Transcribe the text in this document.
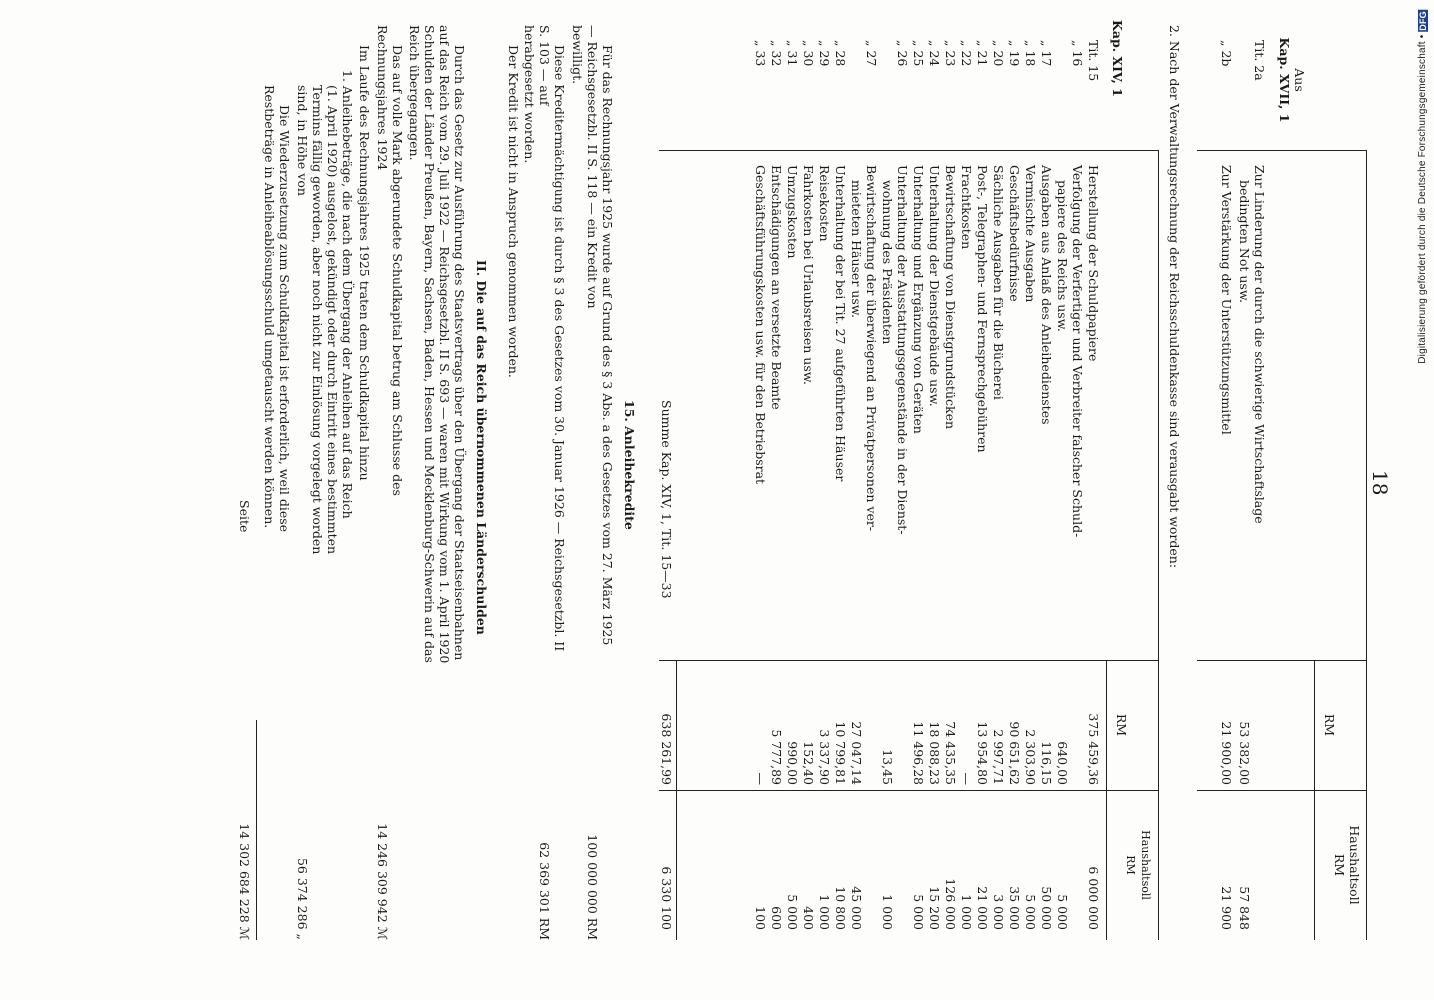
Digitalisierung gefördert durch die Deutsche Forschungsgemeinschaft • DFG
18
Aus
Kap. XVII, 1
RM
Haushaltsoll
RM
Tit. 2a
Zur Linderung der durch die schwierige Wirtschaftslage
bedingten Not usw.
53 382,00
57 848
„ 2b
Zur Verstärkung der Unterstützungsmittel
21 900,00
21 900
2. Nach der Verwaltungsrechnung der Reichsschuldenkasse sind verausgabt worden:
Kap. XIV, 1
RM
Haushaltsoll
RM
Tit. 15
Herstellung der Schuldpapiere
375 459,36
6 000 000
„ 16
Verfolgung der Verfertiger und Verbreiter falscher Schuld-
papiere des Reichs usw.
640,00
5 000
„ 17
Ausgaben aus Anlaß des Anleihedienstes
116,15
50 000
„ 18
Vermischte Ausgaben
2 303,90
5 000
„ 19
Geschäftsbedürfnisse
90 651,62
35 000
„ 20
Sächliche Ausgaben für die Bücherei
2 997,71
3 000
„ 21
Post-, Telegraphen- und Fernsprechgebühren
13 954,80
21 000
„ 22
Frachtkosten
—
1 000
„ 23
Bewirtschaftung von Dienstgrundstücken
74 435,35
126 000
„ 24
Unterhaltung der Dienstgebäude usw.
18 088,23
15 200
„ 25
Unterhaltung und Ergänzung von Geräten
11 496,28
5 000
„ 26
Unterhaltung der Ausstattungsgegenstände in der Dienst-
wohnung des Präsidenten
13,45
1 000
„ 27
Bewirtschaftung der überwiegend an Privatpersonen ver-
mieteten Häuser usw.
27 047,14
45 000
„ 28
Unterhaltung der bei Tit. 27 aufgeführten Häuser
10 799,81
10 800
„ 29
Reisekosten
3 337,90
1 000
„ 30
Fahrkosten bei Urlaubsreisen usw.
152,40
400
„ 31
Umzugskosten
990,00
5 000
„ 32
Entschädigungen an versetzte Beamte
5 777,89
600
„ 33
Geschäftsführungskosten usw. für den Betriebsrat
—
100
Summe Kap. XIV, 1, Tit. 15—33
638 261,99
6 330 100
15. Anleihekredite
Für das Rechnungsjahr 1925 wurde auf Grund des § 3 Abs. a des Gesetzes vom 27. März 1925
— Reichsgesetzbl. II S. 118 — ein Kredit von
100 000 000 RM
bewilligt.
Diese Kreditermächtigung ist durch § 3 des Gesetzes vom 30. Januar 1926 — Reichsgesetzbl. II
S. 103 — auf
62 369 301 RM
herabgesetzt worden.
Der Kredit ist nicht in Anspruch genommen worden.
II. Die auf das Reich übernommenen Länderschulden
Durch das Gesetz zur Ausführung des Staatsvertrags über den Übergang der Staatseisenbahnen
auf das Reich vom 29. Juli 1922 — Reichsgesetzbl. II S. 693 — waren mit Wirkung vom 1. April 1920
Schulden der Länder Preußen, Bayern, Sachsen, Baden, Hessen und Mecklenburg-Schwerin auf das
Reich übergegangen.
Das auf volle Mark abgerundete Schuldkapital betrug am Schlusse des
Rechnungsjahres 1924
14 246 309 942 ℳ
Im Laufe des Rechnungsjahres 1925 traten dem Schuldkapital hinzu
1. Anleihebeträge, die nach dem Übergang der Anleihen auf das Reich
(1. April 1920) ausgelost, gekündigt oder durch Eintritt eines bestimmten
Termins fällig geworden, aber noch nicht zur Einlösung vorgelegt worden
sind, in Höhe von
56 374 286 „
Die Wiederzusetzung zum Schuldkapital ist erforderlich, weil diese
Restbeträge in Anleiheablösungsschuld umgetauscht werden können.
Seite
14 302 684 228 ℳ
